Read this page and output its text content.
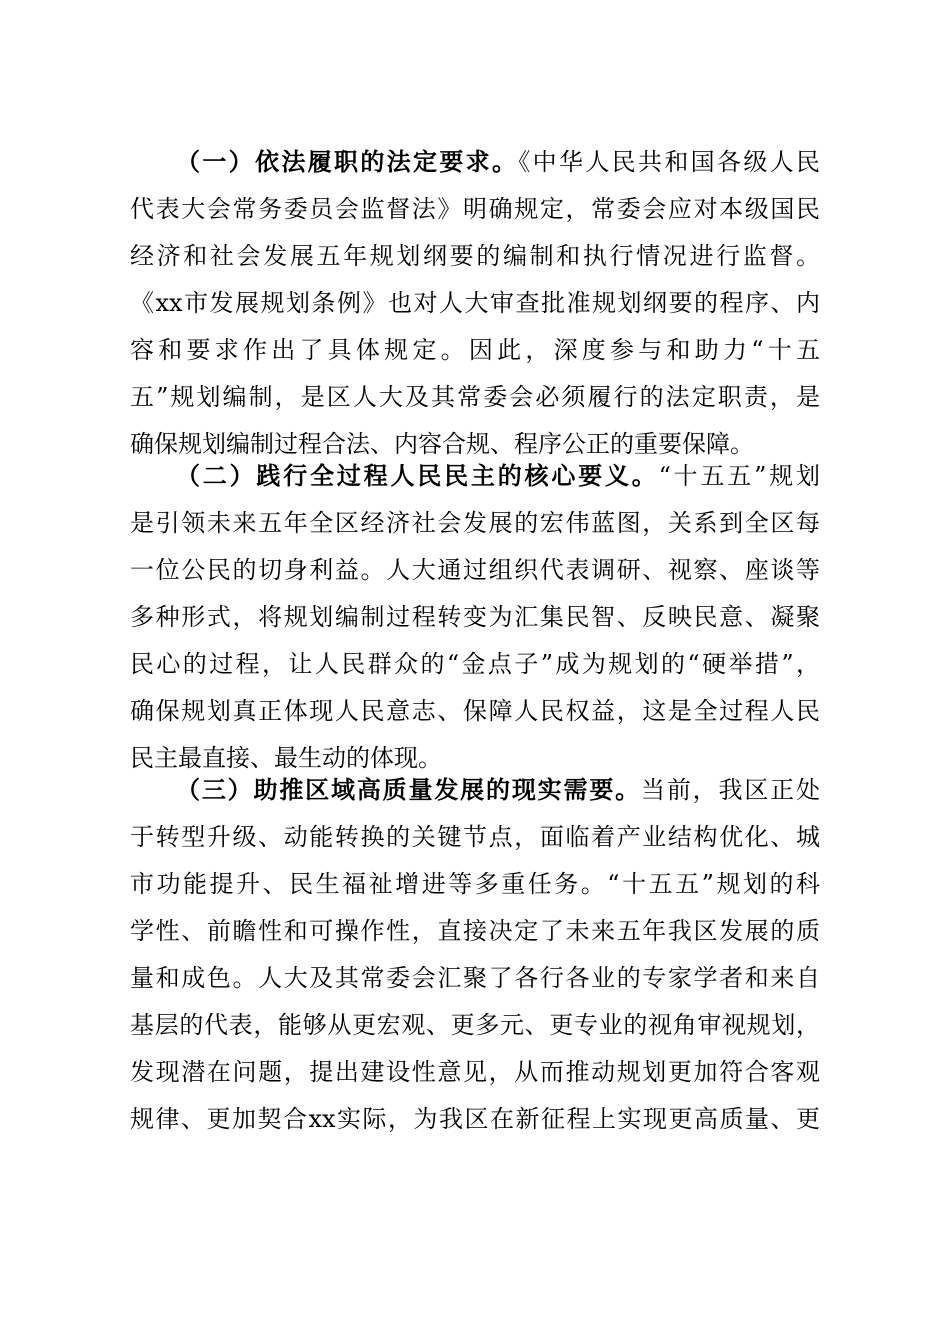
（一）依法履职的法定要求。《中华人民共和国各级人民
代表大会常务委员会监督法》明确规定，常委会应对本级国民
经济和社会发展五年规划纲要的编制和执行情况进行监督。
《xx市发展规划条例》也对人大审查批准规划纲要的程序、内
容和要求作出了具体规定。因此，深度参与和助力“十五
五”规划编制，是区人大及其常委会必须履行的法定职责，是
确保规划编制过程合法、内容合规、程序公正的重要保障。
（二）践行全过程人民民主的核心要义。“十五五”规划
是引领未来五年全区经济社会发展的宏伟蓝图，关系到全区每
一位公民的切身利益。人大通过组织代表调研、视察、座谈等
多种形式，将规划编制过程转变为汇集民智、反映民意、凝聚
民心的过程，让人民群众的“金点子”成为规划的“硬举措”，
确保规划真正体现人民意志、保障人民权益，这是全过程人民
民主最直接、最生动的体现。
（三）助推区域高质量发展的现实需要。当前，我区正处
于转型升级、动能转换的关键节点，面临着产业结构优化、城
市功能提升、民生福祉增进等多重任务。“十五五”规划的科
学性、前瞻性和可操作性，直接决定了未来五年我区发展的质
量和成色。人大及其常委会汇聚了各行各业的专家学者和来自
基层的代表，能够从更宏观、更多元、更专业的视角审视规划，
发现潜在问题，提出建设性意见，从而推动规划更加符合客观
规律、更加契合xx实际，为我区在新征程上实现更高质量、更
